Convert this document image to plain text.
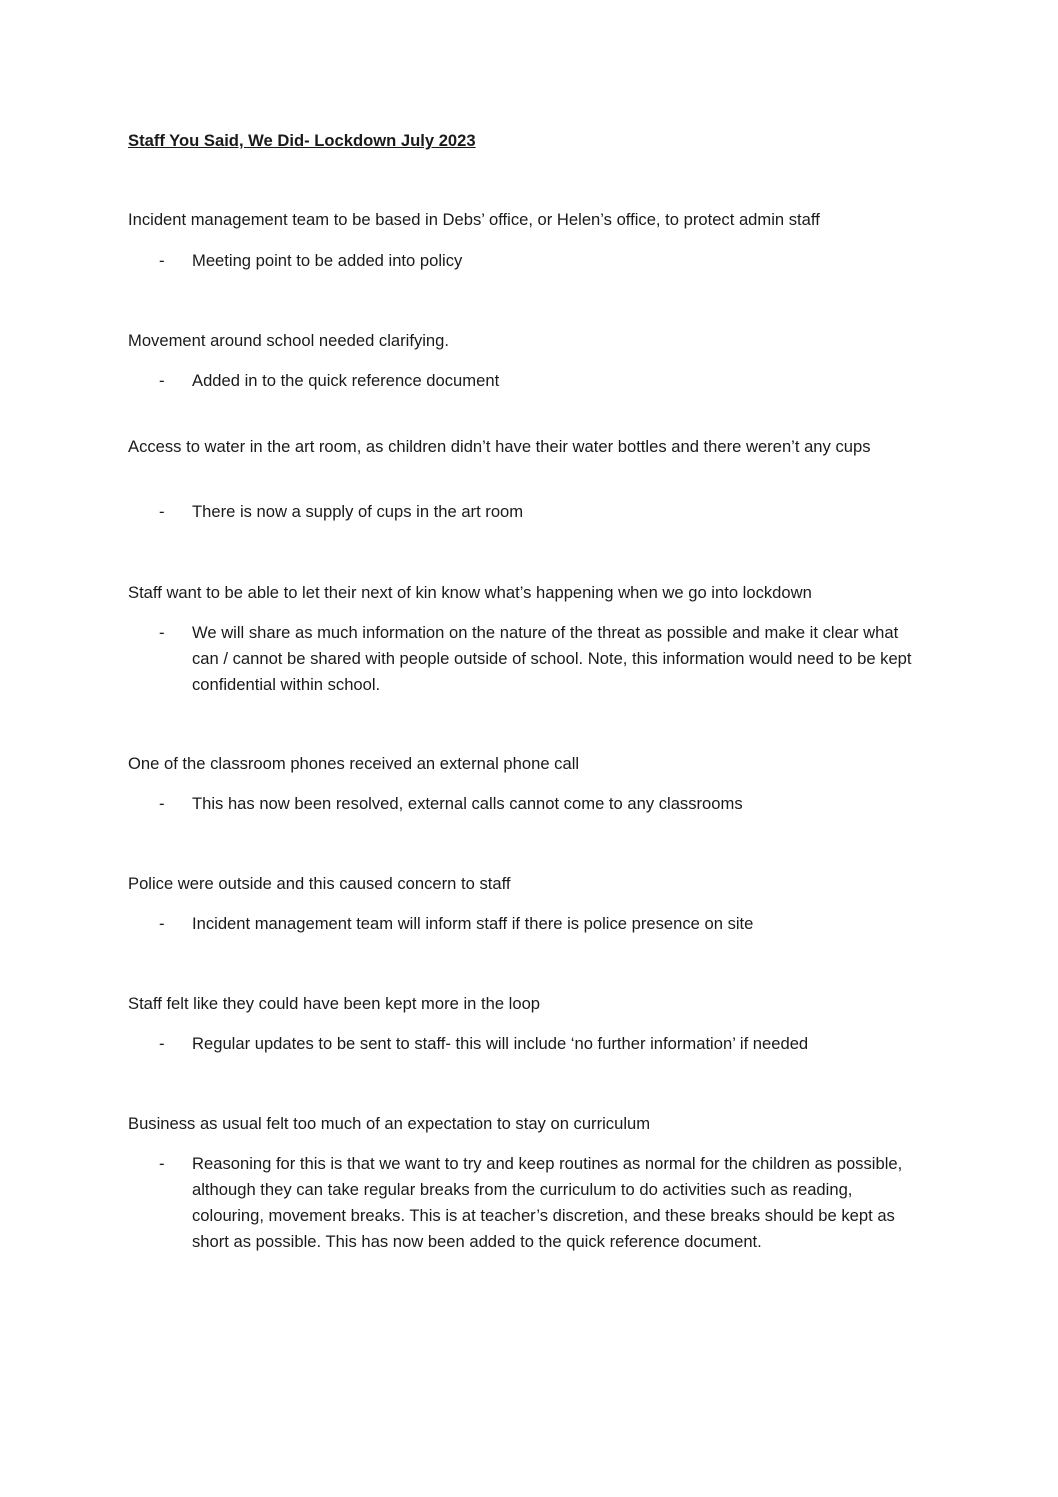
Staff You Said, We Did- Lockdown July 2023

Incident management team to be based in Debs’ office, or Helen’s office, to protect admin staff

-	Meeting point to be added into policy

Movement around school needed clarifying.

-	Added in to the quick reference document

Access to water in the art room, as children didn’t have their water bottles and there weren’t any cups

-	There is now a supply of cups in the art room

Staff want to be able to let their next of kin know what’s happening when we go into lockdown

-	We will share as much information on the nature of the threat as possible and make it clear what can / cannot be shared with people outside of school. Note, this information would need to be kept confidential within school.

One of the classroom phones received an external phone call

-	This has now been resolved, external calls cannot come to any classrooms

Police were outside and this caused concern to staff

-	Incident management team will inform staff if there is police presence on site

Staff felt like they could have been kept more in the loop

-	Regular updates to be sent to staff- this will include ‘no further information’ if needed

Business as usual felt too much of an expectation to stay on curriculum

-	Reasoning for this is that we want to try and keep routines as normal for the children as possible, although they can take regular breaks from the curriculum to do activities such as reading, colouring, movement breaks. This is at teacher’s discretion, and these breaks should be kept as short as possible. This has now been added to the quick reference document.
